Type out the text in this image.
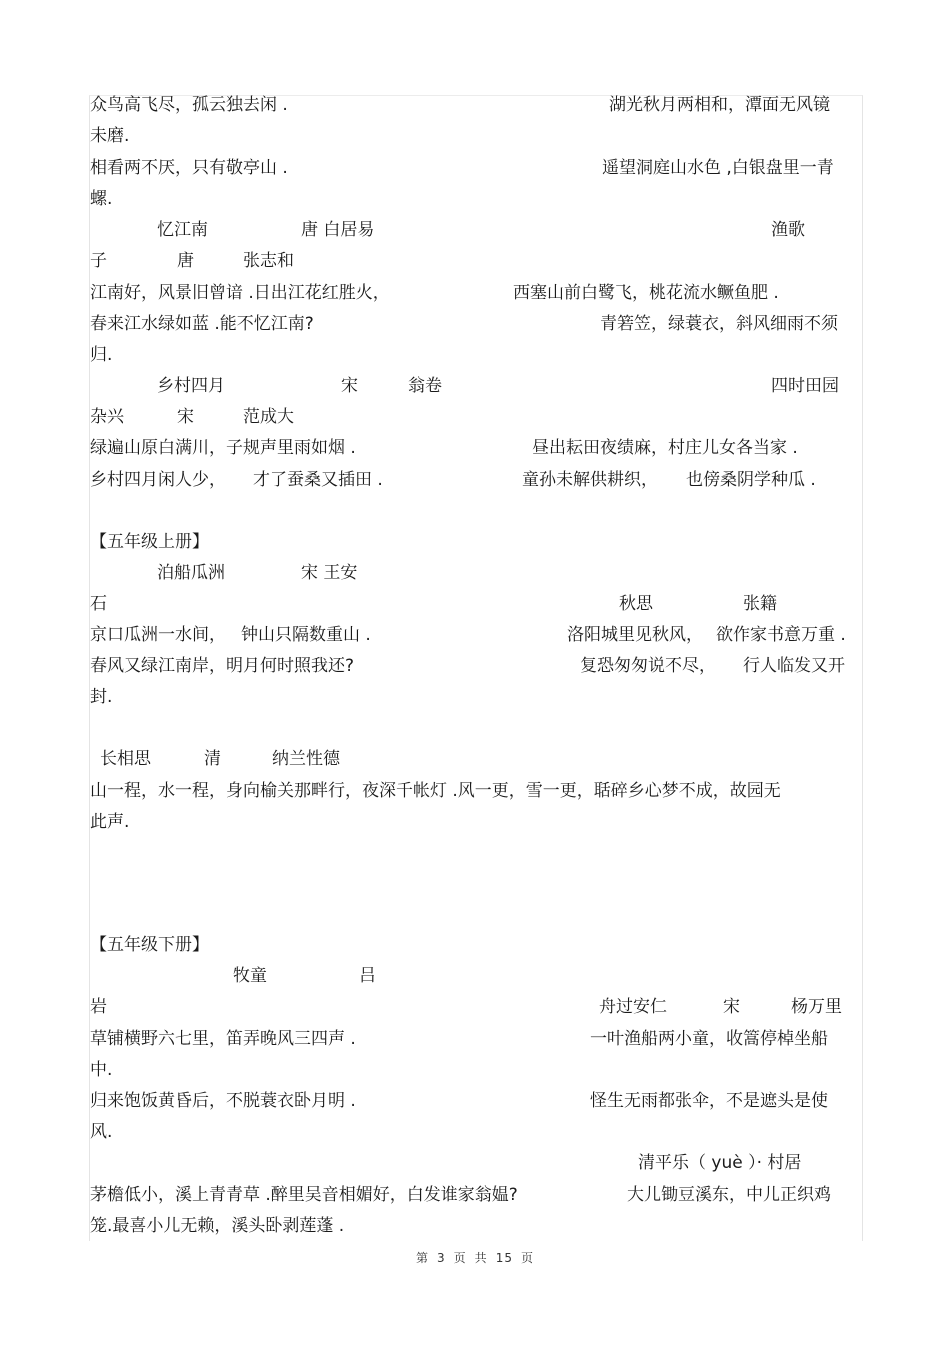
众鸟高飞尽，孤云独去闲 .	湖光秋月两相和，潭面无风镜
未磨.
相看两不厌，只有敬亭山 .	遥望洞庭山水色 ,白银盘里一青
螺.
忆江南	唐 白居易	渔歌
子	唐	张志和
江南好，风景旧曾谙 .日出江花红胜火，	西塞山前白鹭飞，桃花流水鳜鱼肥 .
春来江水绿如蓝 .能不忆江南?	青箬笠，绿蓑衣，斜风细雨不须
归.
乡村四月	宋	翁卷	四时田园
杂兴	宋	范成大
绿遍山原白满川，子规声里雨如烟 .	昼出耘田夜绩麻，村庄儿女各当家 .
乡村四月闲人少， 才了蚕桑又插田 .	童孙未解供耕织， 也傍桑阴学种瓜 .
【五年级上册】
泊船瓜洲	宋 王安
石	秋思	张籍
京口瓜洲一水间， 钟山只隔数重山 .	洛阳城里见秋风， 欲作家书意万重 .
春风又绿江南岸，明月何时照我还?	复恐匆匆说不尽， 行人临发又开
封.
长相思	清	纳兰性德
山一程，水一程，身向榆关那畔行，夜深千帐灯 .风一更，雪一更，聒碎乡心梦不成，故园无
此声.
【五年级下册】
牧童	吕
岩	舟过安仁	宋	杨万里
草铺横野六七里，笛弄晚风三四声 .	一叶渔船两小童，收篙停棹坐船
中.
归来饱饭黄昏后，不脱蓑衣卧月明 .	怪生无雨都张伞，不是遮头是使
风.
清平乐（ yuè ）· 村居
茅檐低小，溪上青青草 .醉里吴音相媚好，白发谁家翁媪?	大儿锄豆溪东，中儿正织鸡
笼.最喜小儿无赖，溪头卧剥莲蓬 .
第 3 页 共 15 页
